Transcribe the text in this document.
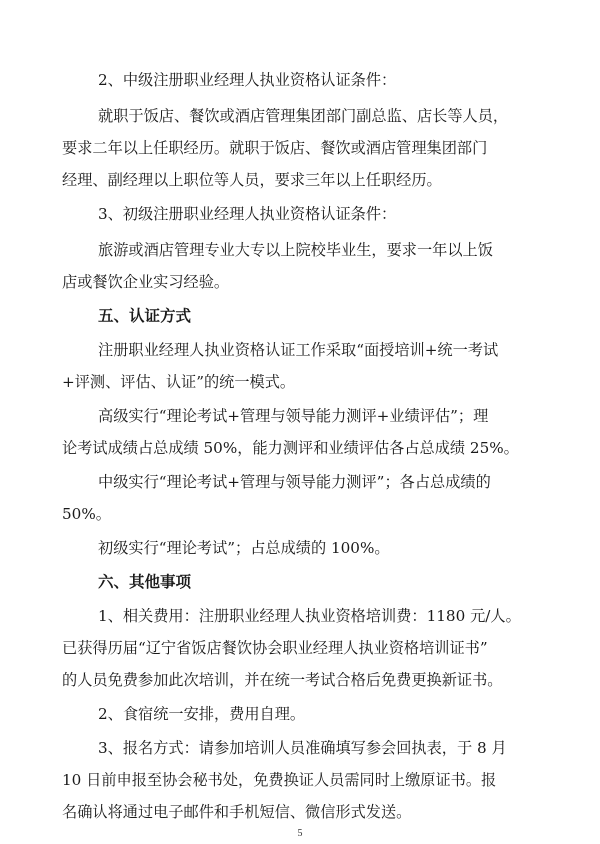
2、中级注册职业经理人执业资格认证条件：

就职于饭店、餐饮或酒店管理集团部门副总监、店长等人员，

要求二年以上任职经历。就职于饭店、餐饮或酒店管理集团部门

经理、副经理以上职位等人员，要求三年以上任职经历。

3、初级注册职业经理人执业资格认证条件：

旅游或酒店管理专业大专以上院校毕业生，要求一年以上饭

店或餐饮企业实习经验。

五、认证方式

注册职业经理人执业资格认证工作采取“面授培训+统一考试

+评测、评估、认证”的统一模式。

高级实行“理论考试+管理与领导能力测评+业绩评估”；理

论考试成绩占总成绩 50%，能力测评和业绩评估各占总成绩 25%。

中级实行“理论考试+管理与领导能力测评”；各占总成绩的

50%。

初级实行“理论考试”；占总成绩的 100%。

六、其他事项

1、相关费用：注册职业经理人执业资格培训费：1180 元/人。

已获得历届“辽宁省饭店餐饮协会职业经理人执业资格培训证书”

的人员免费参加此次培训，并在统一考试合格后免费更换新证书。

2、食宿统一安排，费用自理。

3、报名方式：请参加培训人员准确填写参会回执表，于 8 月

10 日前申报至协会秘书处，免费换证人员需同时上缴原证书。报

名确认将通过电子邮件和手机短信、微信形式发送。

5
